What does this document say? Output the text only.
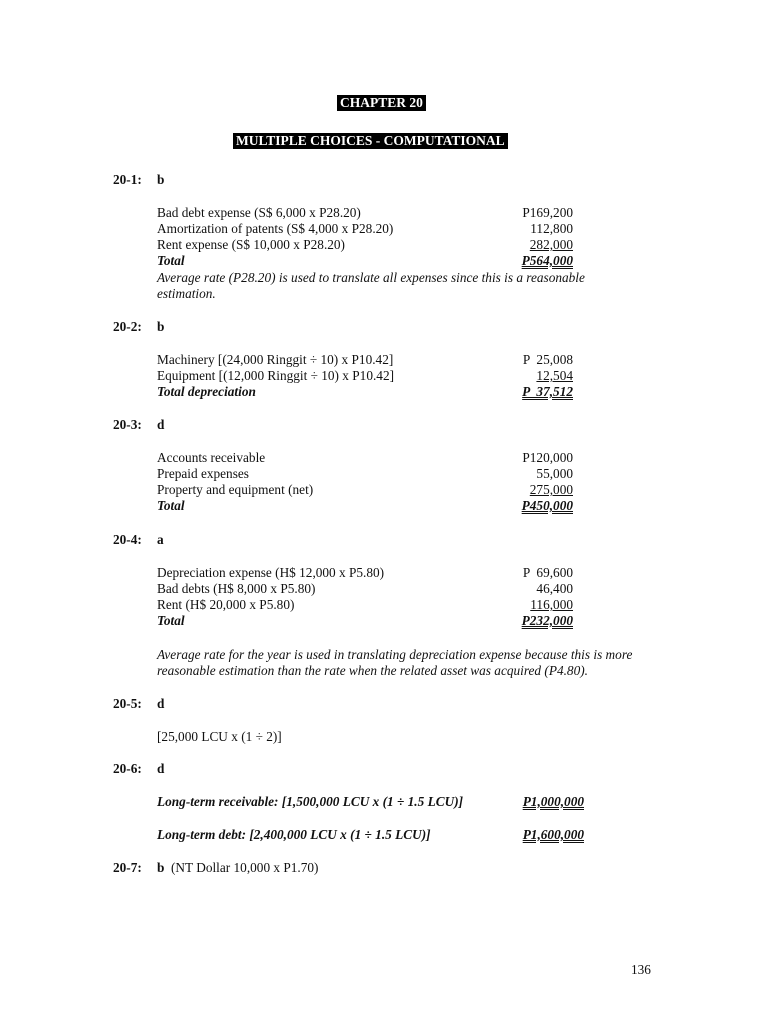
CHAPTER 20
MULTIPLE CHOICES - COMPUTATIONAL
20-1: b
Bad debt expense (S$ 6,000 x P28.20)	P169,200
Amortization of patents (S$ 4,000 x P28.20)	112,800
Rent expense (S$ 10,000 x P28.20)	282,000
Total	P564,000
Average rate (P28.20) is used to translate all expenses since this is a reasonable
estimation.
20-2: b
Machinery [(24,000 Ringgit ÷ 10) x P10.42]	P  25,008
Equipment [(12,000 Ringgit ÷ 10) x P10.42]	12,504
Total depreciation	P  37,512
20-3: d
Accounts receivable	P120,000
Prepaid expenses	55,000
Property and equipment (net)	275,000
Total	P450,000
20-4: a
Depreciation expense (H$ 12,000 x P5.80)	P  69,600
Bad debts (H$ 8,000 x P5.80)	46,400
Rent (H$ 20,000 x P5.80)	116,000
Total	P232,000
Average rate for the year is used in translating depreciation expense because this is more
reasonable estimation than the rate when the related asset was acquired (P4.80).
20-5: d
[25,000 LCU x (1 ÷ 2)]
20-6: d
Long-term receivable: [1,500,000 LCU x (1 ÷ 1.5 LCU)]	P1,000,000
Long-term debt: [2,400,000 LCU x (1 ÷ 1.5 LCU)]	P1,600,000
20-7: b (NT Dollar 10,000 x P1.70)
136
